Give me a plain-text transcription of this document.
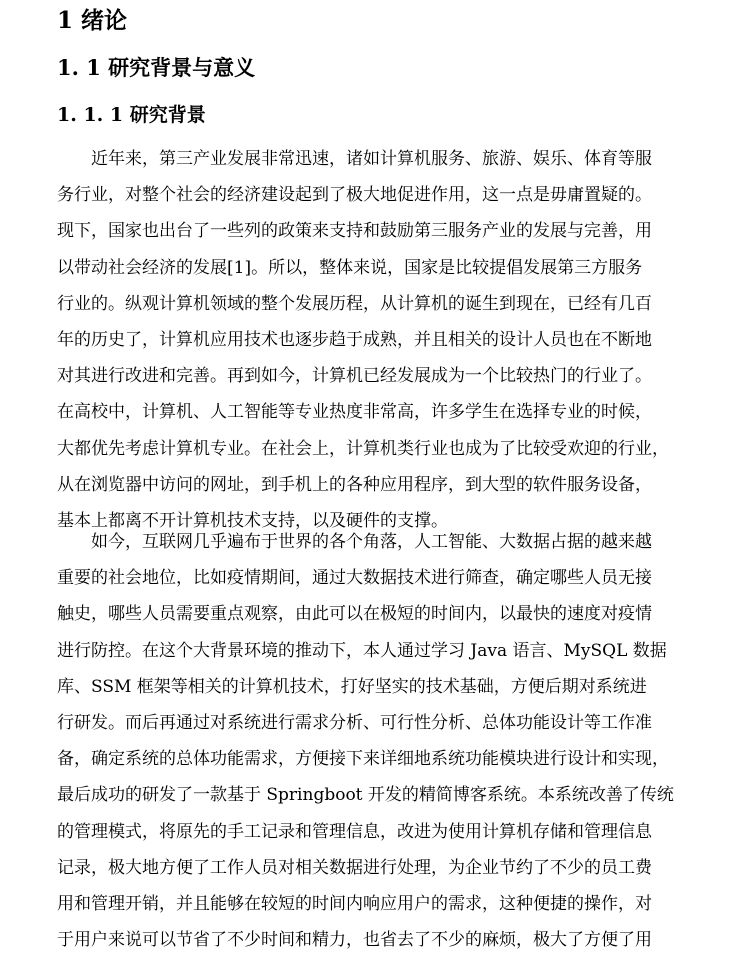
1 绪论
1. 1 研究背景与意义
1. 1. 1 研究背景
近年来，第三产业发展非常迅速，诸如计算机服务、旅游、娱乐、体育等服
务行业，对整个社会的经济建设起到了极大地促进作用，这一点是毋庸置疑的。
现下，国家也出台了一些列的政策来支持和鼓励第三服务产业的发展与完善，用
以带动社会经济的发展[1]。所以，整体来说，国家是比较提倡发展第三方服务
行业的。纵观计算机领域的整个发展历程，从计算机的诞生到现在，已经有几百
年的历史了，计算机应用技术也逐步趋于成熟，并且相关的设计人员也在不断地
对其进行改进和完善。再到如今，计算机已经发展成为一个比较热门的行业了。
在高校中，计算机、人工智能等专业热度非常高，许多学生在选择专业的时候，
大都优先考虑计算机专业。在社会上，计算机类行业也成为了比较受欢迎的行业，
从在浏览器中访问的网址，到手机上的各种应用程序，到大型的软件服务设备，
基本上都离不开计算机技术支持，以及硬件的支撑。
如今，互联网几乎遍布于世界的各个角落，人工智能、大数据占据的越来越
重要的社会地位，比如疫情期间，通过大数据技术进行筛查，确定哪些人员无接
触史，哪些人员需要重点观察，由此可以在极短的时间内，以最快的速度对疫情
进行防控。在这个大背景环境的推动下，本人通过学习 Java 语言、MySQL 数据
库、SSM 框架等相关的计算机技术，打好坚实的技术基础，方便后期对系统进
行研发。而后再通过对系统进行需求分析、可行性分析、总体功能设计等工作准
备，确定系统的总体功能需求，方便接下来详细地系统功能模块进行设计和实现，
最后成功的研发了一款基于 Springboot 开发的精简博客系统。本系统改善了传统
的管理模式，将原先的手工记录和管理信息，改进为使用计算机存储和管理信息
记录，极大地方便了工作人员对相关数据进行处理，为企业节约了不少的员工费
用和管理开销，并且能够在较短的时间内响应用户的需求，这种便捷的操作，对
于用户来说可以节省了不少时间和精力，也省去了不少的麻烦，极大了方便了用
